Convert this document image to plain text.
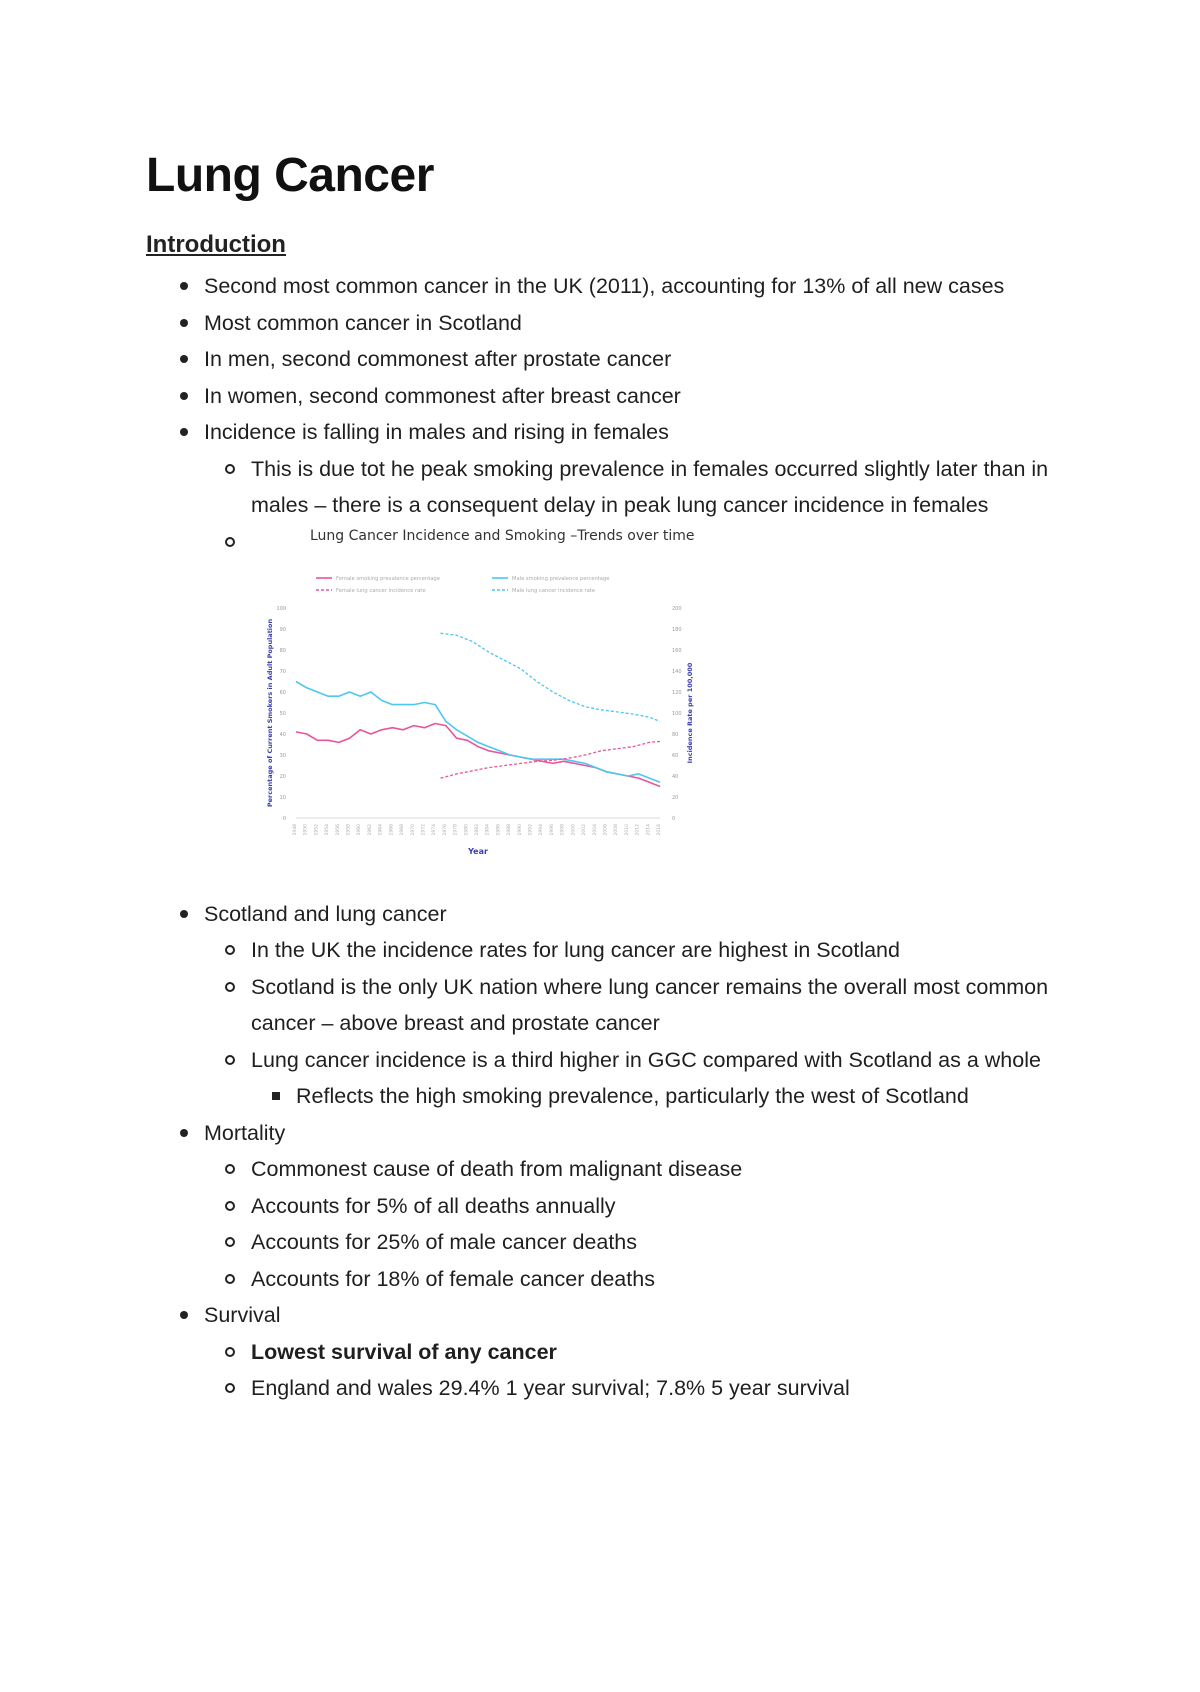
Lung Cancer
Introduction
Second most common cancer in the UK (2011), accounting for 13% of all new cases
Most common cancer in Scotland
In men, second commonest after prostate cancer
In women, second commonest after breast cancer
Incidence is falling in males and rising in females
This is due tot he peak smoking prevalence in females occurred slightly later than in males – there is a consequent delay in peak lung cancer incidence in females
Lung Cancer Incidence and Smoking –Trends over time
0
10
20
30
40
50
60
70
80
90
100
0
20
40
60
80
100
120
140
160
180
200
1948 1950 1952 1954 1956 1958 1960 1962 1964 1966 1968 1970 1972 1974 1976 1978 1980 1982 1984 1986 1988 1990 1992 1994 1996 1998 2000 2002 2004 2006 2008 2010 2012 2014 2016
Year
Percentage of Current Smokers in Adult Population	Incidence Rate per 100,000
Female smoking prevalence percentage	Male smoking prevalence percentage
Female lung cancer incidence rate	Male lung cancer incidence rate
Scotland and lung cancer
In the UK the incidence rates for lung cancer are highest in Scotland
Scotland is the only UK nation where lung cancer remains the overall most common cancer – above breast and prostate cancer
Lung cancer incidence is a third higher in GGC compared with Scotland as a whole
Reflects the high smoking prevalence, particularly the west of Scotland
Mortality
Commonest cause of death from malignant disease
Accounts for 5% of all deaths annually
Accounts for 25% of male cancer deaths
Accounts for 18% of female cancer deaths
Survival
Lowest survival of any cancer
England and wales 29.4% 1 year survival; 7.8% 5 year survival
